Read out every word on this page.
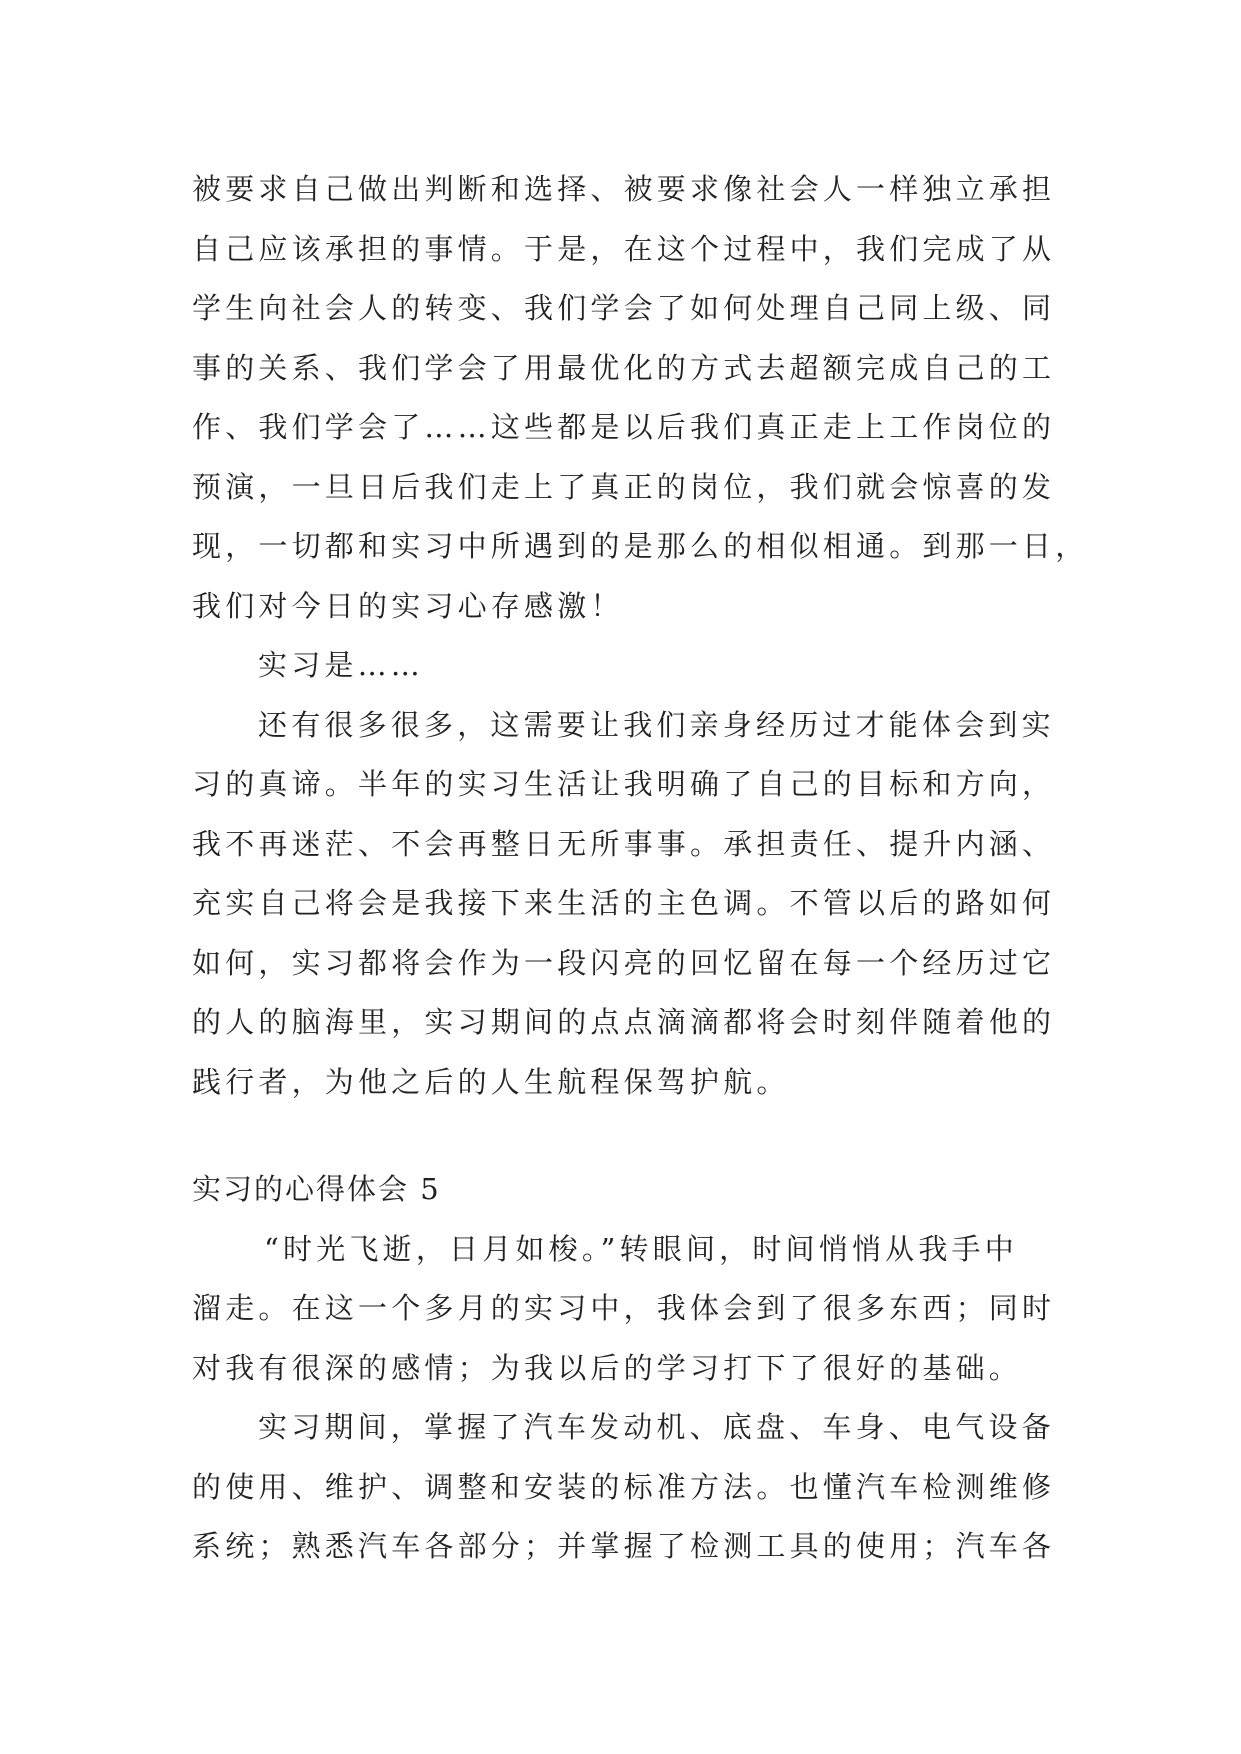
被要求自己做出判断和选择、被要求像社会人一样独立承担
自己应该承担的事情。于是，在这个过程中，我们完成了从
学生向社会人的转变、我们学会了如何处理自己同上级、同
事的关系、我们学会了用最优化的方式去超额完成自己的工
作、我们学会了……这些都是以后我们真正走上工作岗位的
预演，一旦日后我们走上了真正的岗位，我们就会惊喜的发
现，一切都和实习中所遇到的是那么的相似相通。到那一日，
我们对今日的实习心存感激！
实习是……
还有很多很多，这需要让我们亲身经历过才能体会到实
习的真谛。半年的实习生活让我明确了自己的目标和方向，
我不再迷茫、不会再整日无所事事。承担责任、提升内涵、
充实自己将会是我接下来生活的主色调。不管以后的路如何
如何，实习都将会作为一段闪亮的回忆留在每一个经历过它
的人的脑海里，实习期间的点点滴滴都将会时刻伴随着他的
践行者，为他之后的人生航程保驾护航。
实习的心得体会 5
“时光飞逝，日月如梭。”转眼间，时间悄悄从我手中
溜走。在这一个多月的实习中，我体会到了很多东西；同时
对我有很深的感情；为我以后的学习打下了很好的基础。
实习期间，掌握了汽车发动机、底盘、车身、电气设备
的使用、维护、调整和安装的标准方法。也懂汽车检测维修
系统；熟悉汽车各部分；并掌握了检测工具的使用；汽车各
